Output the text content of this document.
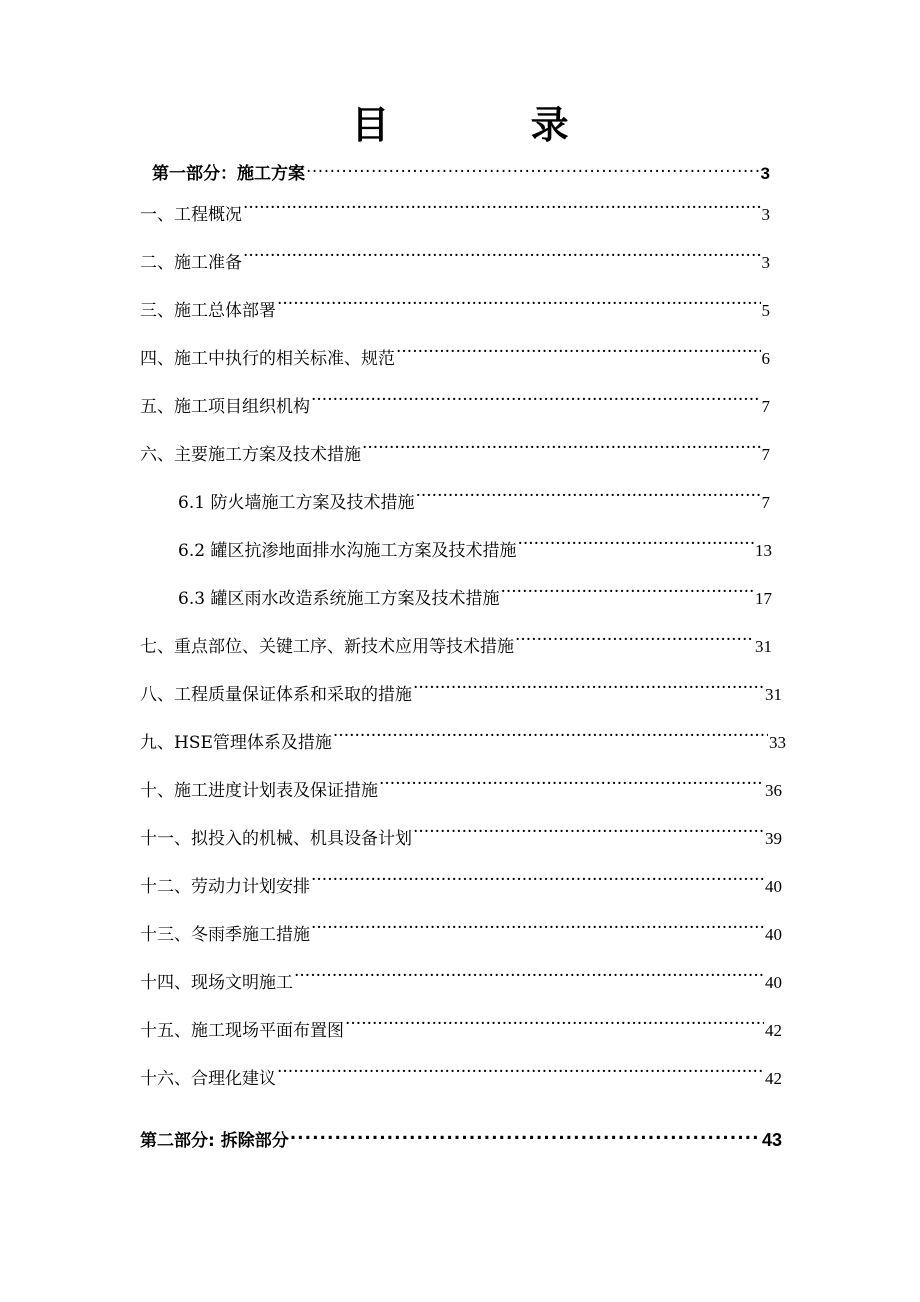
目 录
第一部分：施工方案 .....	3
一、工程概况 ·····	3
二、施工准备 ·····	3
三、施工总体部署 ·····	5
四、施工中执行的相关标准、规范 ·····	6
五、施工项目组织机构 ·····	7
六、主要施工方案及技术措施 ·····	7
6.1 防火墙施工方案及技术措施 ·····	7
6.2 罐区抗渗地面排水沟施工方案及技术措施 ·····	13
6.3 罐区雨水改造系统施工方案及技术措施 ·····	17
七、重点部位、关键工序、新技术应用等技术措施 ·····	31
八、工程质量保证体系和采取的措施 ·····	31
九、HSE管理体系及措施 ·····	33
十、施工进度计划表及保证措施 ·····	36
十一、拟投入的机械、机具设备计划 ·····	39
十二、劳动力计划安排 ·····	40
十三、冬雨季施工措施 ·····	40
十四、现场文明施工 ·····	40
十五、施工现场平面布置图 ·····	42
十六、合理化建议 ·····	42
第二部分: 拆除部分 .....	43
